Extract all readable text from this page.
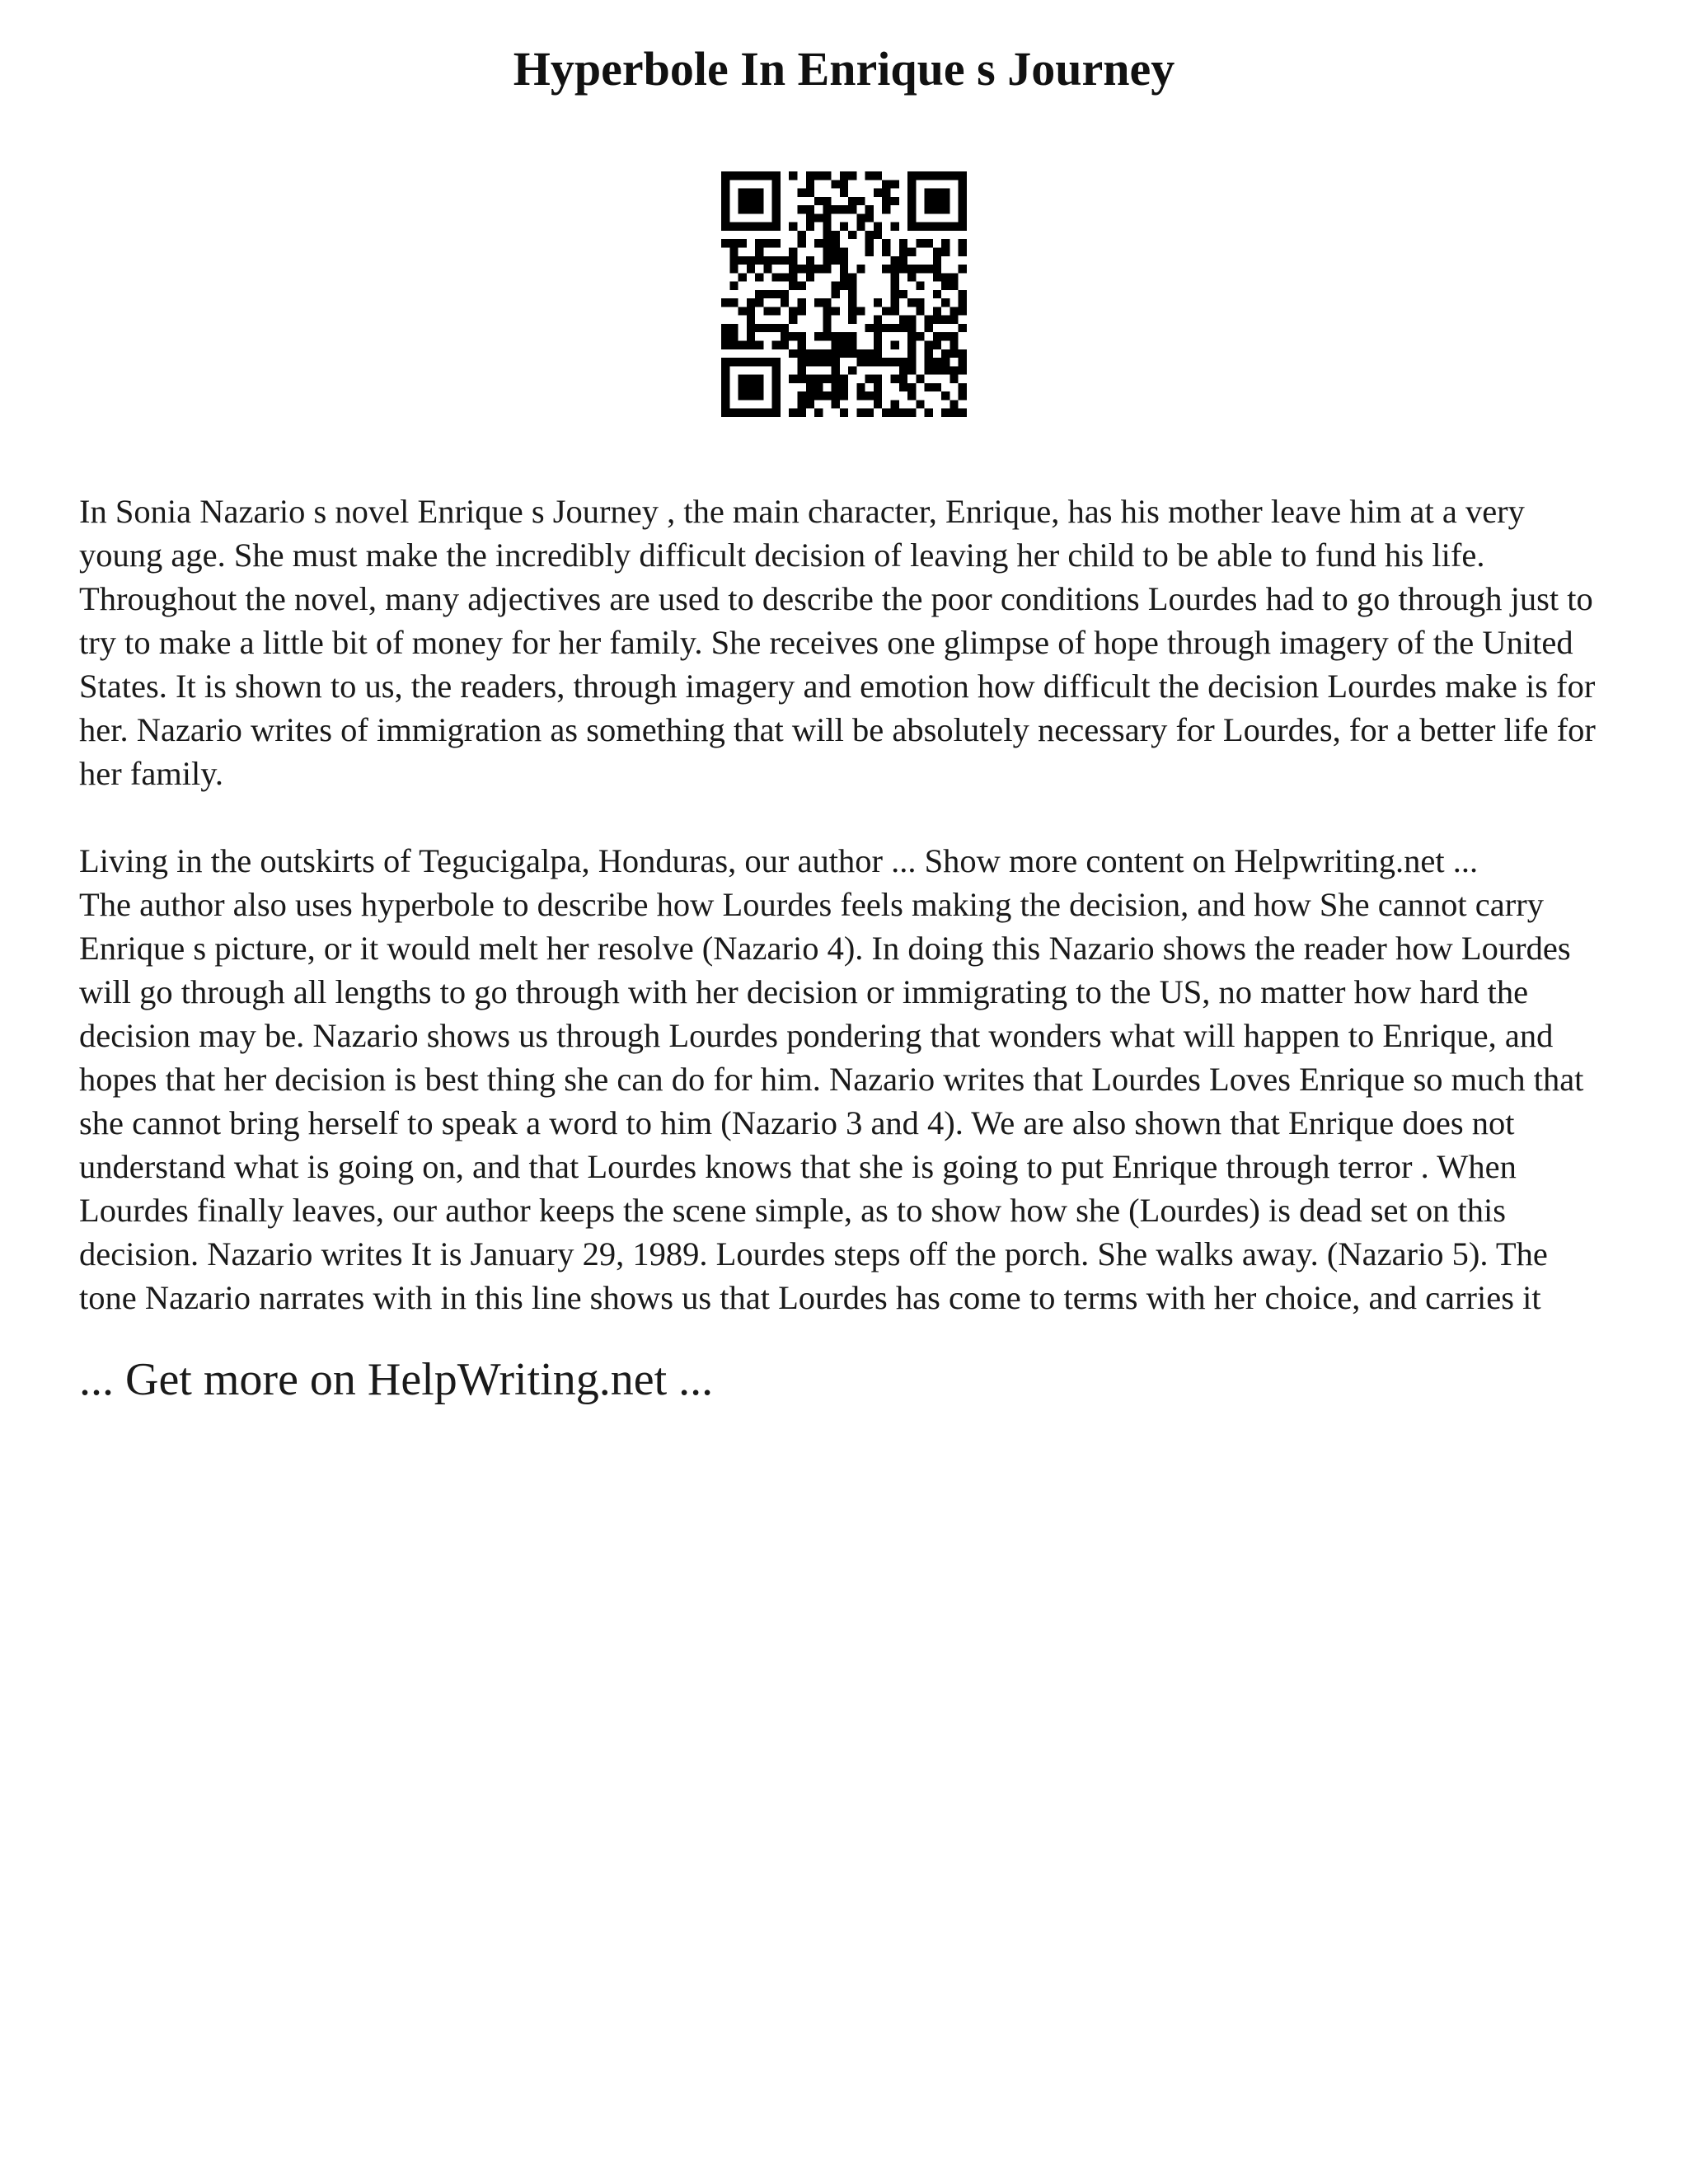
Hyperbole In Enrique s Journey

In Sonia Nazario s novel Enrique s Journey , the main character, Enrique, has his mother leave him at a very young age. She must make the incredibly difficult decision of leaving her child to be able to fund his life. Throughout the novel, many adjectives are used to describe the poor conditions Lourdes had to go through just to try to make a little bit of money for her family. She receives one glimpse of hope through imagery of the United States. It is shown to us, the readers, through imagery and emotion how difficult the decision Lourdes make is for her. Nazario writes of immigration as something that will be absolutely necessary for Lourdes, for a better life for her family.

Living in the outskirts of Tegucigalpa, Honduras, our author ... Show more content on Helpwriting.net ...

The author also uses hyperbole to describe how Lourdes feels making the decision, and how She cannot carry Enrique s picture, or it would melt her resolve (Nazario 4). In doing this Nazario shows the reader how Lourdes will go through all lengths to go through with her decision or immigrating to the US, no matter how hard the decision may be. Nazario shows us through Lourdes pondering that wonders what will happen to Enrique, and hopes that her decision is best thing she can do for him. Nazario writes that Lourdes Loves Enrique so much that she cannot bring herself to speak a word to him (Nazario 3 and 4). We are also shown that Enrique does not understand what is going on, and that Lourdes knows that she is going to put Enrique through terror . When Lourdes finally leaves, our author keeps the scene simple, as to show how she (Lourdes) is dead set on this decision. Nazario writes It is January 29, 1989. Lourdes steps off the porch. She walks away. (Nazario 5). The tone Nazario narrates with in this line shows us that Lourdes has come to terms with her choice, and carries it

... Get more on HelpWriting.net ...
